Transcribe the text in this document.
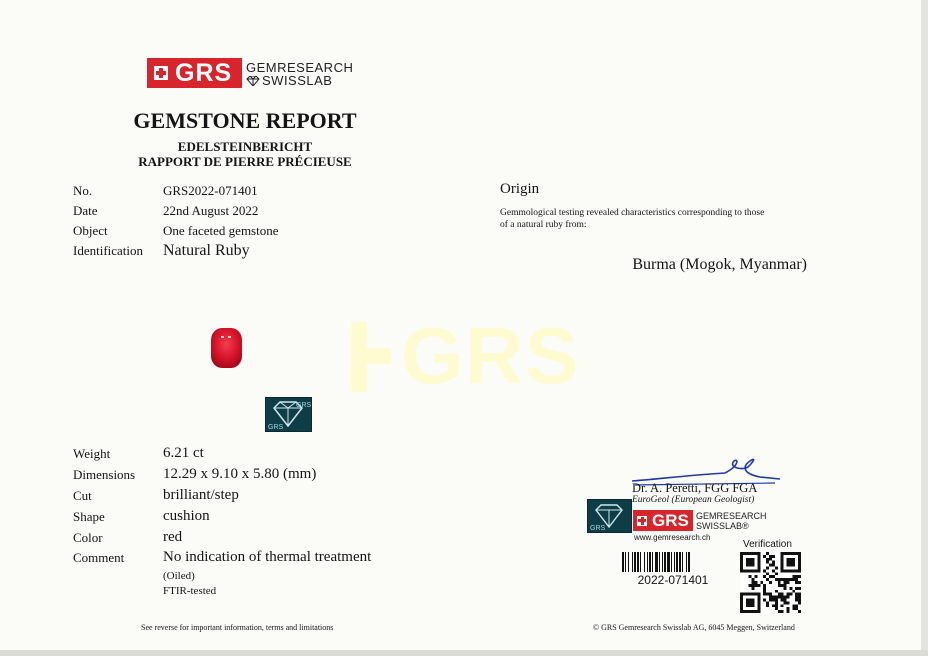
GRS GEMRESEARCH
SWISSLAB
GEMSTONE REPORT
EDELSTEINBERICHT
RAPPORT DE PIERRE PRÉCIEUSE
No.	GRS2022-071401
Date	22nd August 2022
Object	One faceted gemstone
Identification Natural Ruby
Origin
Gemmological testing revealed characteristics corresponding to those
of a natural ruby from:
Burma (Mogok, Myanmar)
GRS
GRS
GRS
Weight	6.21 ct
Dimensions 12.29 x 9.10 x 5.80 (mm)
Cut	brilliant/step
Shape	cushion
Color	red
Comment	No indication of thermal treatment
(Oiled)
FTIR-tested
Dr. A. Peretti, FGG FGA
EuroGeol (European Geologist)
GRS	GRS GEMRESEARCH
SWISSLAB®
www.gemresearch.ch
Verification
2022-071401
See reverse for important information, terms and limitations	© GRS Gemresearch Swisslab AG, 6045 Meggen, Switzerland
